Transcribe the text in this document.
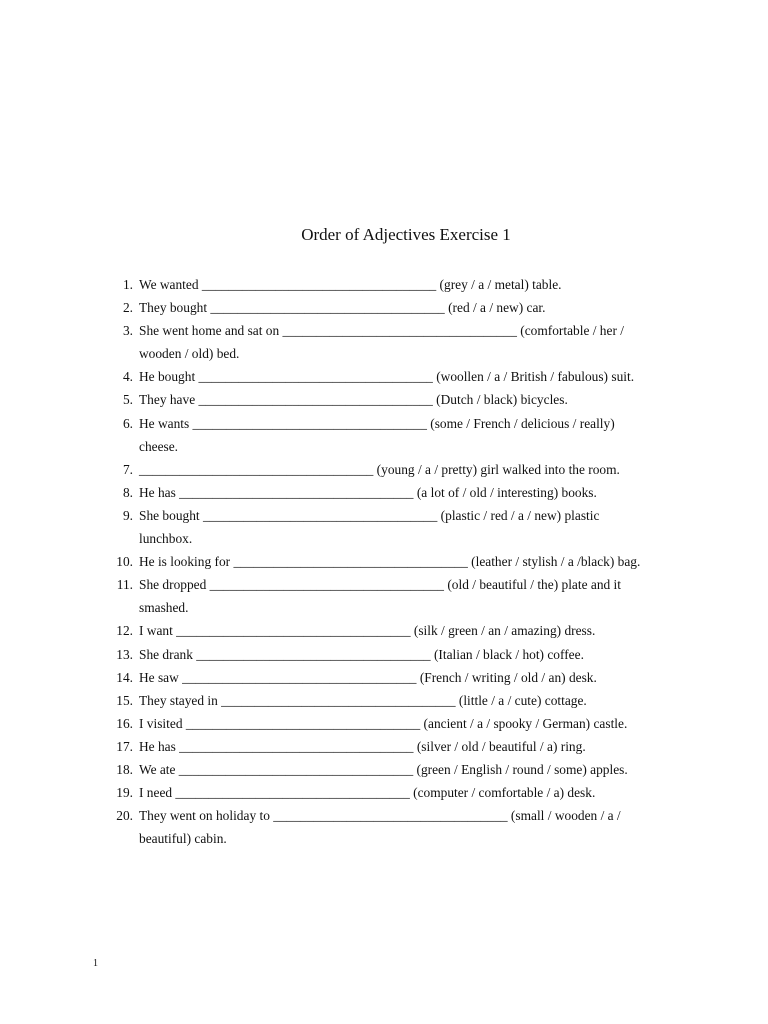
Order of Adjectives Exercise 1
1. We wanted ___________________________________ (grey / a / metal) table.
2. They bought ___________________________________ (red / a / new) car.
3. She went home and sat on ___________________________________ (comfortable / her /
wooden / old) bed.
4. He bought ___________________________________ (woollen / a / British / fabulous) suit.
5. They have ___________________________________ (Dutch / black) bicycles.
6. He wants ___________________________________ (some / French / delicious / really)
cheese.
7. ___________________________________ (young / a / pretty) girl walked into the room.
8. He has ___________________________________ (a lot of / old / interesting) books.
9. She bought ___________________________________ (plastic / red / a / new) plastic
lunchbox.
10. He is looking for ___________________________________ (leather / stylish / a /black) bag.
11. She dropped ___________________________________ (old / beautiful / the) plate and it
smashed.
12. I want ___________________________________ (silk / green / an / amazing) dress.
13. She drank ___________________________________ (Italian / black / hot) coffee.
14. He saw ___________________________________ (French / writing / old / an) desk.
15. They stayed in ___________________________________ (little / a / cute) cottage.
16. I visited ___________________________________ (ancient / a / spooky / German) castle.
17. He has ___________________________________ (silver / old / beautiful / a) ring.
18. We ate ___________________________________ (green / English / round / some) apples.
19. I need ___________________________________ (computer / comfortable / a) desk.
20. They went on holiday to ___________________________________ (small / wooden / a /
beautiful) cabin.
1
